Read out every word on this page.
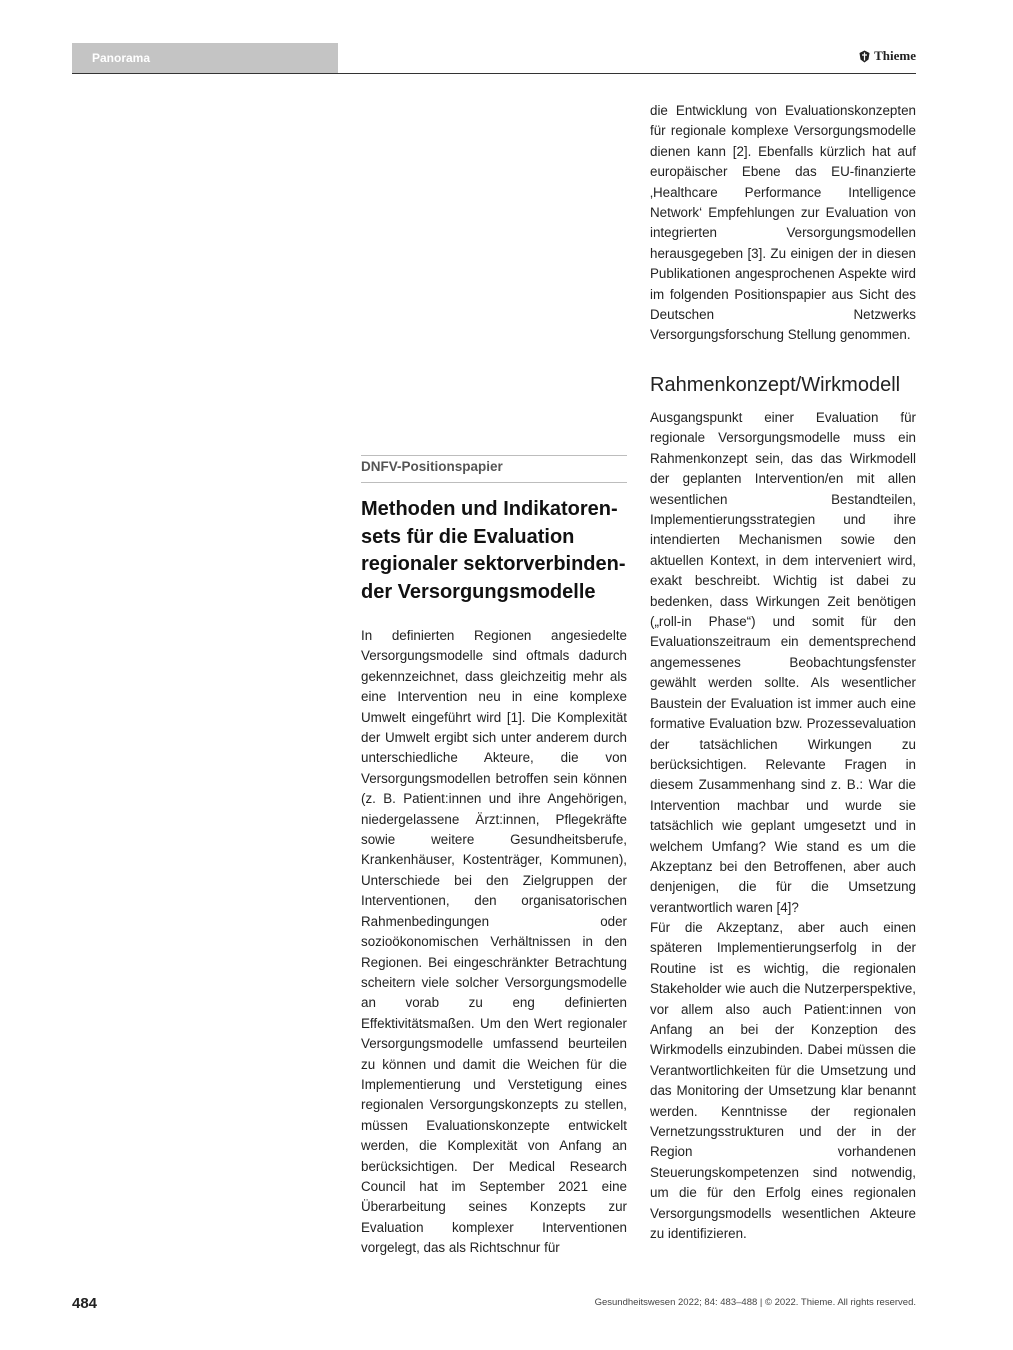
Panorama	Thieme
DNFV-Positionspapier
Methoden und Indikatorensets für die Evaluation regionaler sektorverbindender Versorgungsmodelle

In definierten Regionen angesiedelte Versorgungsmodelle sind oftmals dadurch gekennzeichnet, dass gleichzeitig mehr als eine Intervention neu in eine komplexe Umwelt eingeführt wird [1]. Die Komplexität der Umwelt ergibt sich unter anderem durch unterschiedliche Akteure, die von Versorgungsmodellen betroffen sein können (z. B. Patient:innen und ihre Angehörigen, niedergelassene Ärzt:innen, Pflegekräfte sowie weitere Gesundheitsberufe, Krankenhäuser, Kostenträger, Kommunen), Unterschiede bei den Zielgruppen der Interventionen, den organisatorischen Rahmenbedingungen oder sozioökonomischen Verhältnissen in den Regionen. Bei eingeschränkter Betrachtung scheitern viele solcher Versorgungsmodelle an vorab zu eng definierten Effektivitätsmaßen. Um den Wert regionaler Versorgungsmodelle umfassend beurteilen zu können und damit die Weichen für die Implementierung und Verstetigung eines regionalen Versorgungskonzepts zu stellen, müssen Evaluationskonzepte entwickelt werden, die Komplexität von Anfang an berücksichtigen. Der Medical Research Council hat im September 2021 eine Überarbeitung seines Konzepts zur Evaluation komplexer Interventionen vorgelegt, das als Richtschnur für

die Entwicklung von Evaluationskonzepten für regionale komplexe Versorgungsmodelle dienen kann [2]. Ebenfalls kürzlich hat auf europäischer Ebene das EU-finanzierte ‚Healthcare Performance Intelligence Network‘ Empfehlungen zur Evaluation von integrierten Versorgungsmodellen herausgegeben [3]. Zu einigen der in diesen Publikationen angesprochenen Aspekte wird im folgenden Positionspapier aus Sicht des Deutschen Netzwerks Versorgungsforschung Stellung genommen.

Rahmenkonzept/Wirkmodell

Ausgangspunkt einer Evaluation für regionale Versorgungsmodelle muss ein Rahmenkonzept sein, das das Wirkmodell der geplanten Intervention/en mit allen wesentlichen Bestandteilen, Implementierungsstrategien und ihre intendierten Mechanismen sowie den aktuellen Kontext, in dem interveniert wird, exakt beschreibt. Wichtig ist dabei zu bedenken, dass Wirkungen Zeit benötigen („roll-in Phase“) und somit für den Evaluationszeitraum ein dementsprechend angemessenes Beobachtungsfenster gewählt werden sollte. Als wesentlicher Baustein der Evaluation ist immer auch eine formative Evaluation bzw. Prozessevaluation der tatsächlichen Wirkungen zu berücksichtigen. Relevante Fragen in diesem Zusammenhang sind z. B.: War die Intervention machbar und wurde sie tatsächlich wie geplant umgesetzt und in welchem Umfang? Wie stand es um die Akzeptanz bei den Betroffenen, aber auch denjenigen, die für die Umsetzung verantwortlich waren [4]?

Für die Akzeptanz, aber auch einen späteren Implementierungserfolg in der Routine ist es wichtig, die regionalen Stakeholder wie auch die Nutzerperspektive, vor allem also auch Patient:innen von Anfang an bei der Konzeption des Wirkmodells einzubinden. Dabei müssen die Verantwortlichkeiten für die Umsetzung und das Monitoring der Umsetzung klar benannt werden. Kenntnisse der regionalen Vernetzungsstrukturen und der in der Region vorhandenen Steuerungskompetenzen sind notwendig, um die für den Erfolg eines regionalen Versorgungsmodells wesentlichen Akteure zu identifizieren.

484	Gesundheitswesen 2022; 84: 483–488 | © 2022. Thieme. All rights reserved.
